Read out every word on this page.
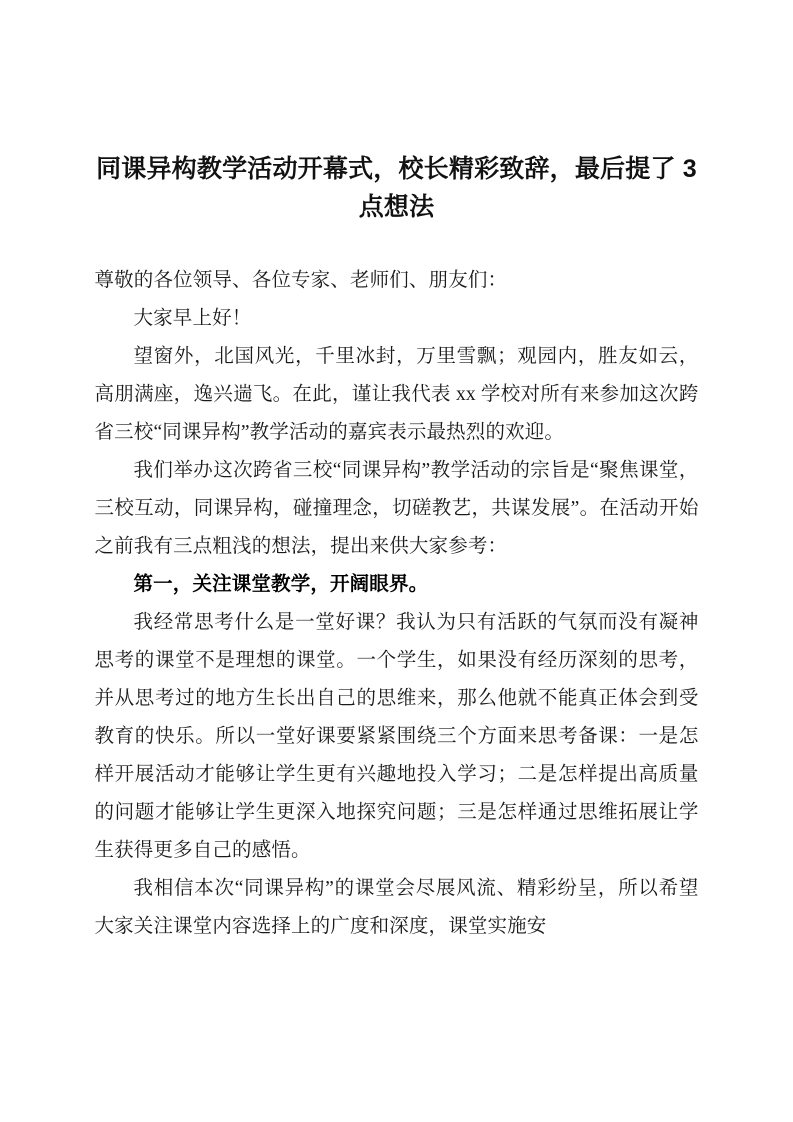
同课异构教学活动开幕式，校长精彩致辞，最后提了 3 点想法

尊敬的各位领导、各位专家、老师们、朋友们：

大家早上好！

望窗外，北国风光，千里冰封，万里雪飘；观园内，胜友如云，高朋满座，逸兴遄飞。在此，谨让我代表 xx 学校对所有来参加这次跨省三校“同课异构”教学活动的嘉宾表示最热烈的欢迎。

我们举办这次跨省三校“同课异构”教学活动的宗旨是“聚焦课堂，三校互动，同课异构，碰撞理念，切磋教艺，共谋发展”。在活动开始之前我有三点粗浅的想法，提出来供大家参考：

第一，关注课堂教学，开阔眼界。

我经常思考什么是一堂好课？我认为只有活跃的气氛而没有凝神思考的课堂不是理想的课堂。一个学生，如果没有经历深刻的思考，并从思考过的地方生长出自己的思维来，那么他就不能真正体会到受教育的快乐。所以一堂好课要紧紧围绕三个方面来思考备课：一是怎样开展活动才能够让学生更有兴趣地投入学习；二是怎样提出高质量的问题才能够让学生更深入地探究问题；三是怎样通过思维拓展让学生获得更多自己的感悟。

我相信本次“同课异构”的课堂会尽展风流、精彩纷呈，所以希望大家关注课堂内容选择上的广度和深度，课堂实施安
